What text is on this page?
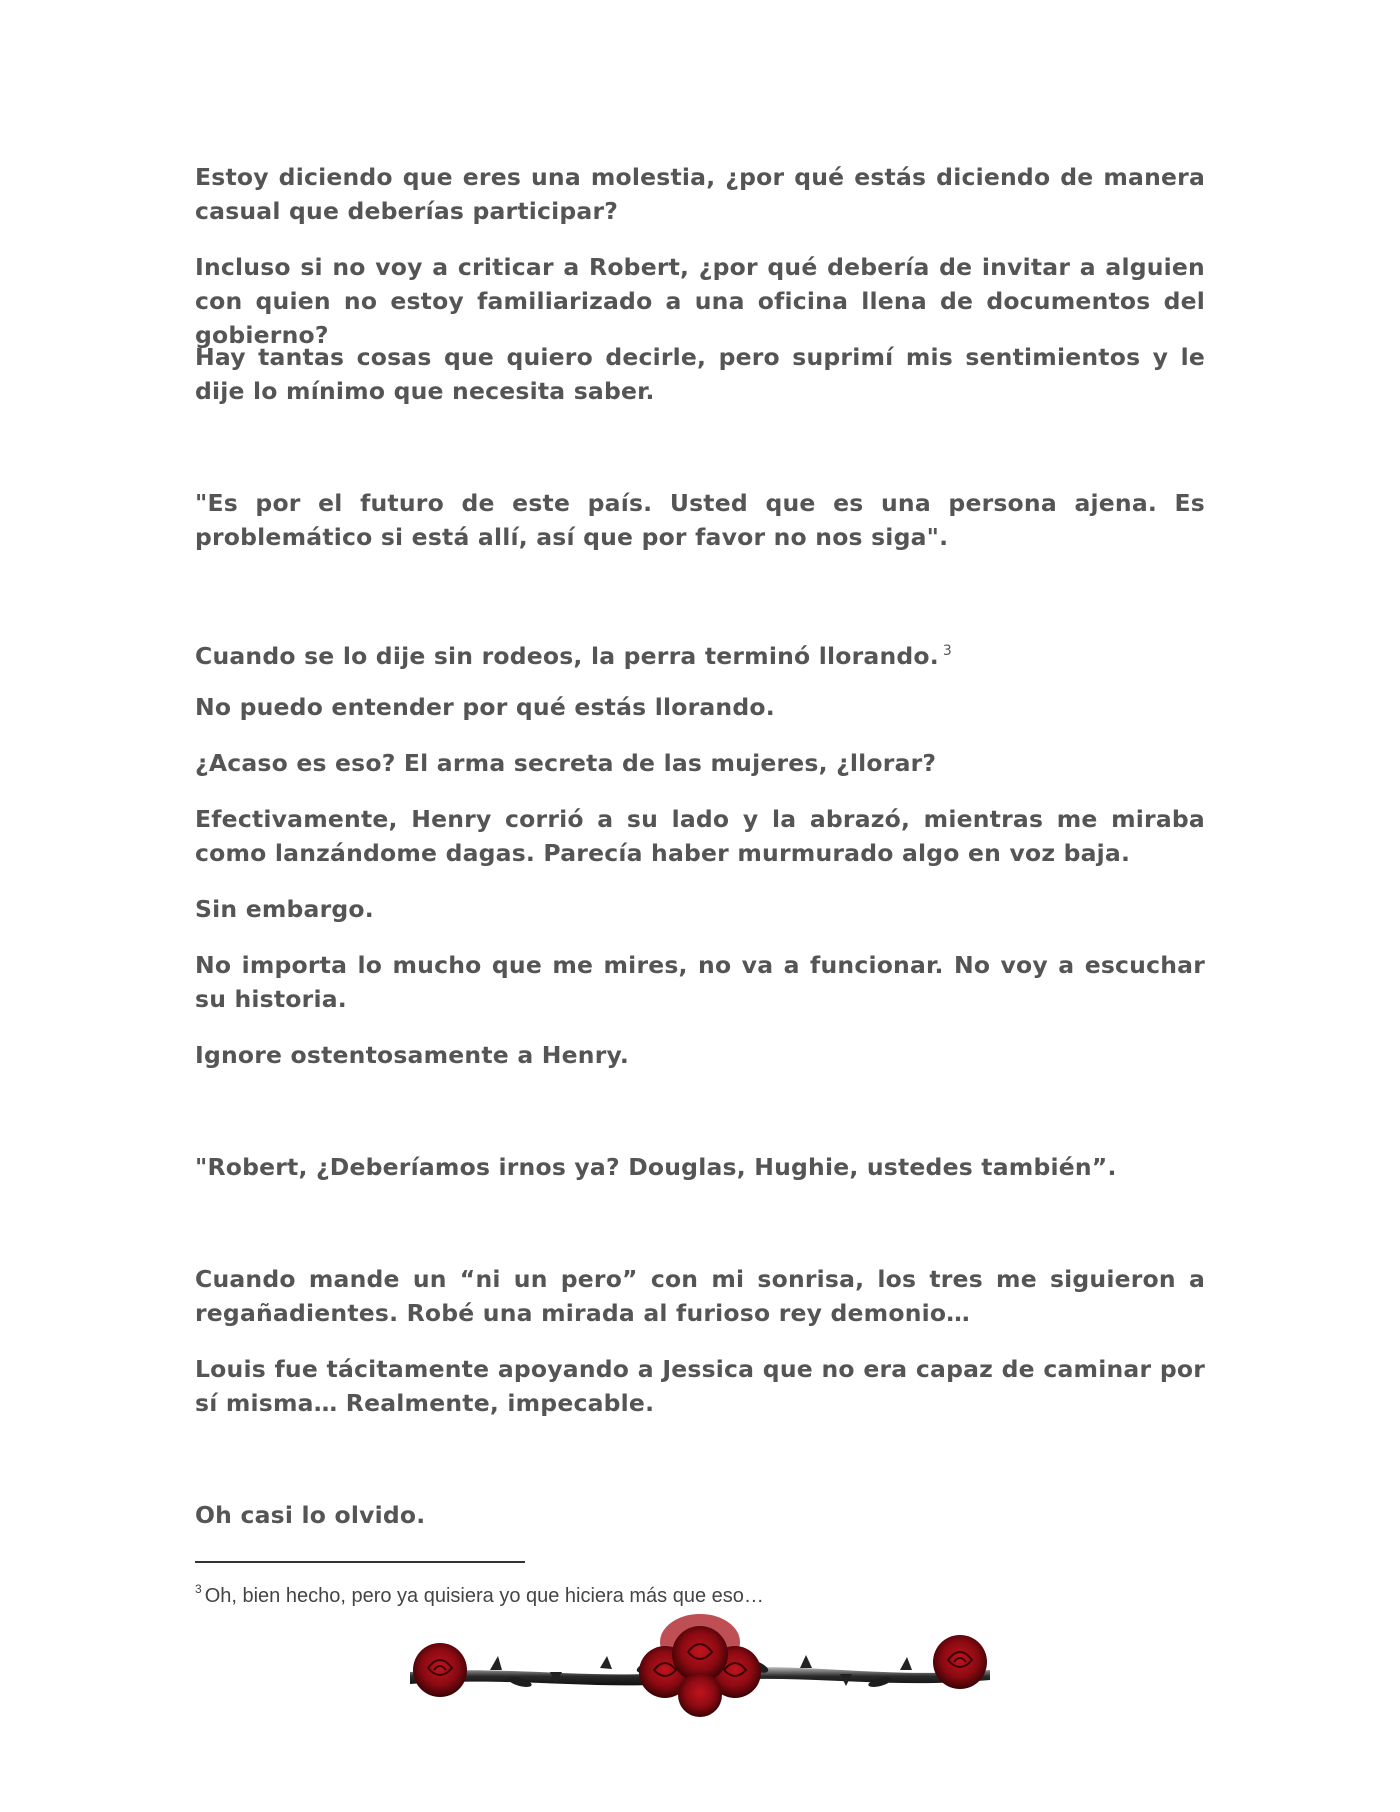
Estoy diciendo que eres una molestia, ¿por qué estás diciendo de manera casual que deberías participar?

Incluso si no voy a criticar a Robert, ¿por qué debería de invitar a alguien con quien no estoy familiarizado a una oficina llena de documentos del gobierno?

Hay tantas cosas que quiero decirle, pero suprimí mis sentimientos y le dije lo mínimo que necesita saber.

"Es por el futuro de este país. Usted que es una persona ajena. Es problemático si está allí, así que por favor no nos siga".

Cuando se lo dije sin rodeos, la perra terminó llorando. $^3$

No puedo entender por qué estás llorando.

¿Acaso es eso? El arma secreta de las mujeres, ¿llorar?

Efectivamente, Henry corrió a su lado y la abrazó, mientras me miraba como lanzándome dagas. Parecía haber murmurado algo en voz baja.

Sin embargo.

No importa lo mucho que me mires, no va a funcionar. No voy a escuchar su historia.

Ignore ostentosamente a Henry.

"Robert, ¿Deberíamos irnos ya? Douglas, Hughie, ustedes también”.

Cuando mande un “ni un pero” con mi sonrisa, los tres me siguieron a regañadientes. Robé una mirada al furioso rey demonio…

Louis fue tácitamente apoyando a Jessica que no era capaz de caminar por sí misma… Realmente, impecable.

Oh casi lo olvido.

$^3$ Oh, bien hecho, pero ya quisiera yo que hiciera más que eso…
